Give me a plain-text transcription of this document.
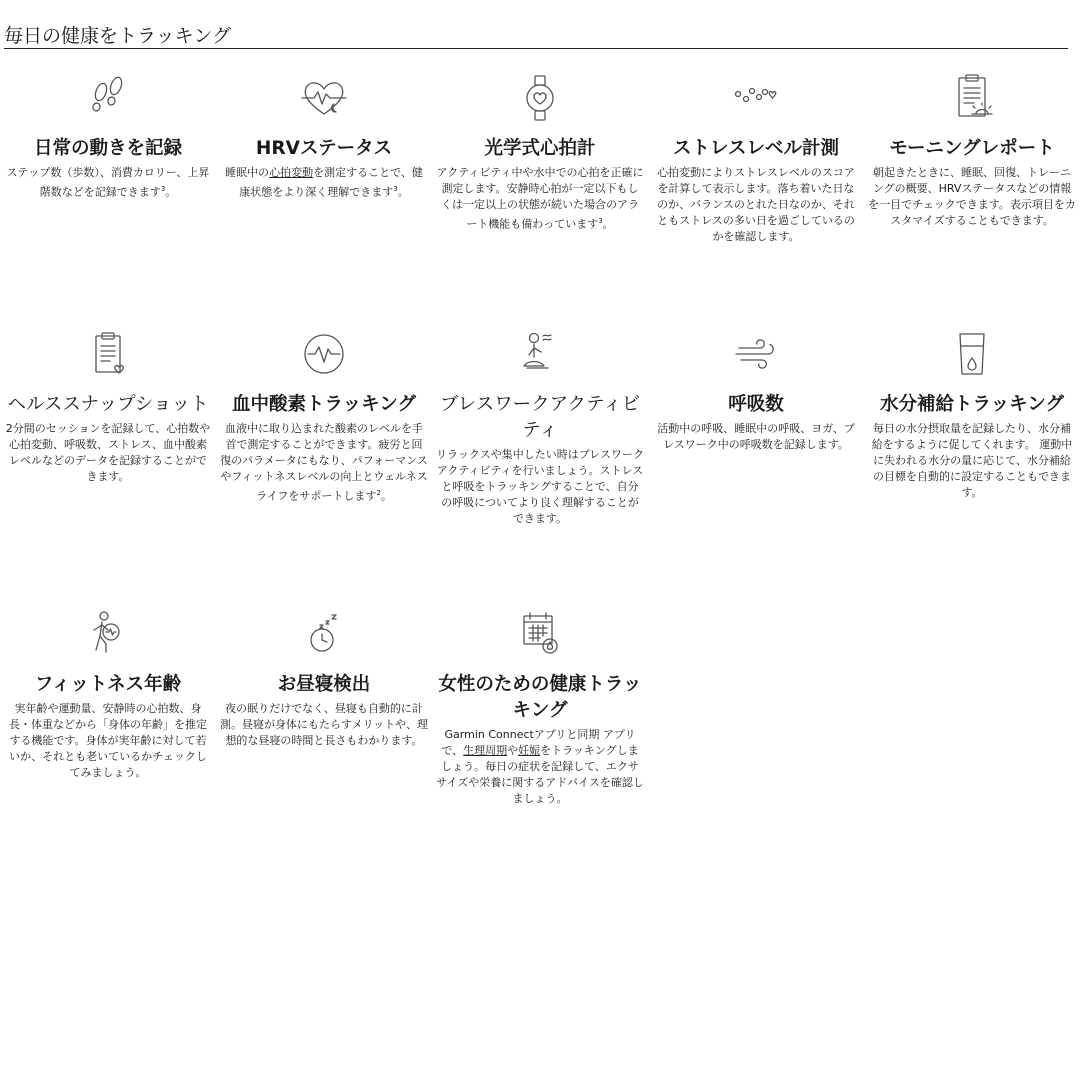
毎日の健康をトラッキング
日常の動きを記録
ステップ数（歩数）、消費カロリー、上昇階数などを記録できます$^3$。
HRVステータス
睡眠中の心拍変動を測定することで、健康状態をより深く理解できます$^3$。
光学式心拍計
アクティビティ中や水中での心拍を正確に測定します。安静時心拍が一定以下もしくは一定以上の状態が続いた場合のアラート機能も備わっています$^3$。
ストレスレベル計測
心拍変動によりストレスレベルのスコアを計算して表示します。落ち着いた日なのか、バランスのとれた日なのか、それともストレスの多い日を過ごしているのかを確認します。
モーニングレポート
朝起きたときに、睡眠、回復、トレーニングの概要、HRVステータスなどの情報を一目でチェックできます。表示項目をカスタマイズすることもできます。
ヘルススナップショット
2分間のセッションを記録して、心拍数や心拍変動、呼吸数、ストレス、血中酸素レベルなどのデータを記録することができます。
血中酸素トラッキング
血液中に取り込まれた酸素のレベルを手首で測定することができます。疲労と回復のパラメータにもなり、パフォーマンスやフィットネスレベルの向上とウェルネスライフをサポートします$^2$。
ブレスワークアクティビティ
リラックスや集中したい時はブレスワークアクティビティを行いましょう。ストレスと呼吸をトラッキングすることで、自分の呼吸についてより良く理解することができます。
呼吸数
活動中の呼吸、睡眠中の呼吸、ヨガ、ブレスワーク中の呼吸数を記録します。
水分補給トラッキング
毎日の水分摂取量を記録したり、水分補給をするように促してくれます。 運動中に失われる水分の量に応じて、水分補給の目標を自動的に設定することもできます。
フィットネス年齢
実年齢や運動量、安静時の心拍数、身長・体重などから「身体の年齢」を推定する機能です。身体が実年齢に対して若いか、それとも老いているかチェックしてみましょう。
お昼寝検出
夜の眠りだけでなく、昼寝も自動的に計測。昼寝が身体にもたらすメリットや、理想的な昼寝の時間と長さもわかります。
女性のための健康トラッキング
Garmin Connectアプリと同期 アプリで、生理周期や妊娠をトラッキングしましょう。毎日の症状を記録して、エクササイズや栄養に関するアドバイスを確認しましょう。
